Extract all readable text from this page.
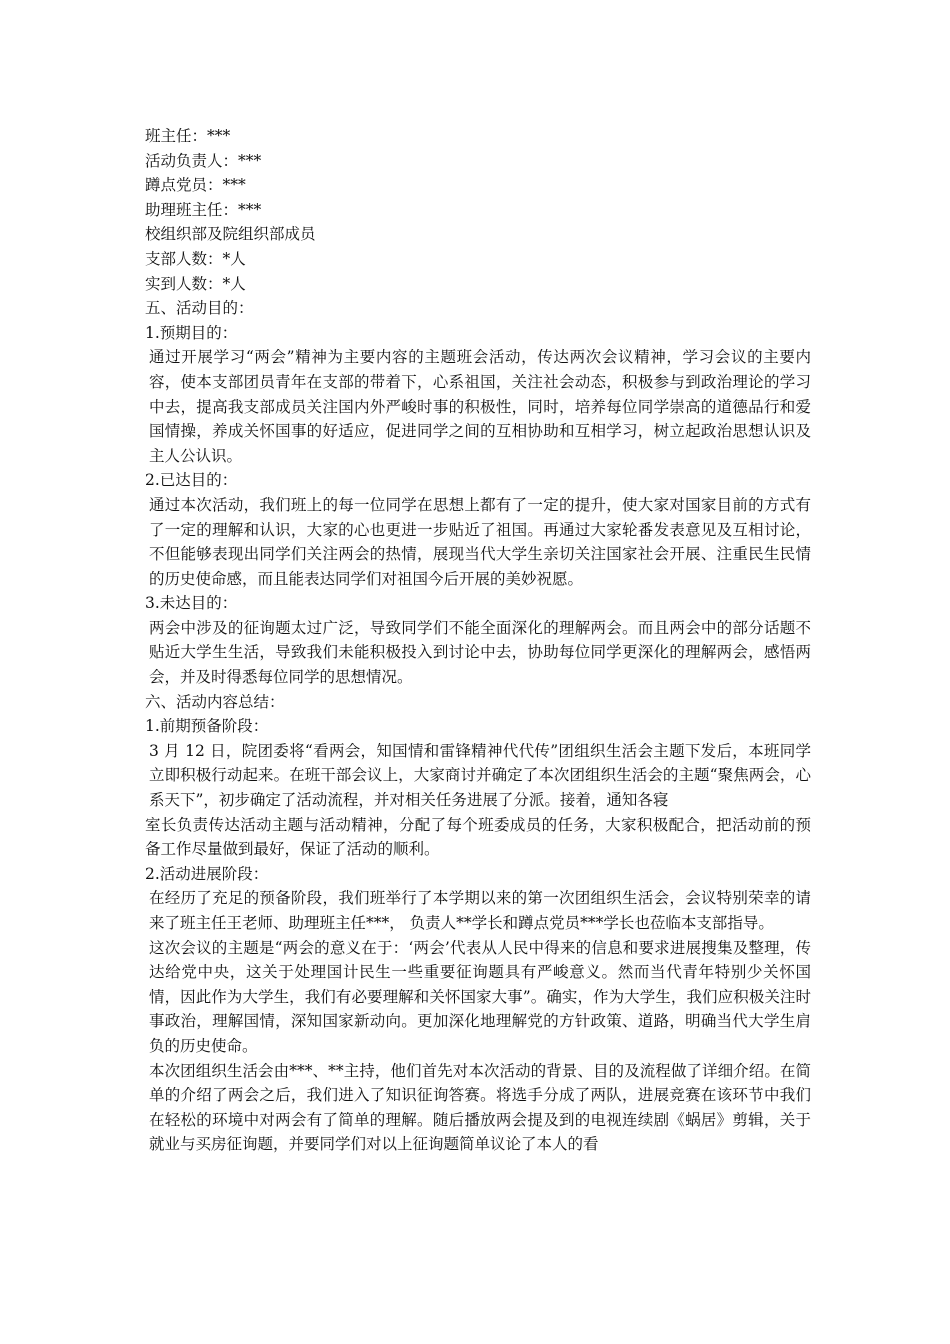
班主任：***
活动负责人：***
蹲点党员：***
助理班主任：***
校组织部及院组织部成员
支部人数：*人
实到人数：*人
五、活动目的：
1.预期目的：

通过开展学习“两会”精神为主要内容的主题班会活动，传达两次会议精神，学习会议的主要内容，使本支部团员青年在支部的带着下，心系祖国，关注社会动态，积极参与到政治理论的学习中去，提高我支部成员关注国内外严峻时事的积极性，同时，培养每位同学崇高的道德品行和爱国情操，养成关怀国事的好适应，促进同学之间的互相协助和互相学习，树立起政治思想认识及主人公认识。

2.已达目的：

通过本次活动，我们班上的每一位同学在思想上都有了一定的提升，使大家对国家目前的方式有了一定的理解和认识，大家的心也更进一步贴近了祖国。再通过大家轮番发表意见及互相讨论，不但能够表现出同学们关注两会的热情，展现当代大学生亲切关注国家社会开展、注重民生民情的历史使命感，而且能表达同学们对祖国今后开展的美妙祝愿。

3.未达目的：

两会中涉及的征询题太过广泛，导致同学们不能全面深化的理解两会。而且两会中的部分话题不贴近大学生生活，导致我们未能积极投入到讨论中去，协助每位同学更深化的理解两会，感悟两会，并及时得悉每位同学的思想情况。

六、活动内容总结：
1.前期预备阶段：

3 月 12 日，院团委将“看两会，知国情和雷锋精神代代传”团组织生活会主题下发后，本班同学立即积极行动起来。在班干部会议上，大家商讨并确定了本次团组织生活会的主题“聚焦两会，心系天下”，初步确定了活动流程，并对相关任务进展了分派。接着，通知各寝

室长负责传达活动主题与活动精神，分配了每个班委成员的任务，大家积极配合，把活动前的预备工作尽量做到最好，保证了活动的顺利。

2.活动进展阶段：

在经历了充足的预备阶段，我们班举行了本学期以来的第一次团组织生活会，会议特别荣幸的请来了班主任王老师、助理班主任***， 负责人**学长和蹲点党员***学长也莅临本支部指导。

这次会议的主题是“两会的意义在于：‘两会’代表从人民中得来的信息和要求进展搜集及整理，传达给党中央，这关于处理国计民生一些重要征询题具有严峻意义。然而当代青年特别少关怀国情，因此作为大学生，我们有必要理解和关怀国家大事”。确实，作为大学生，我们应积极关注时事政治，理解国情，深知国家新动向。更加深化地理解党的方针政策、道路，明确当代大学生肩负的历史使命。

本次团组织生活会由***、**主持，他们首先对本次活动的背景、目的及流程做了详细介绍。在简单的介绍了两会之后，我们进入了知识征询答赛。将选手分成了两队，进展竞赛在该环节中我们在轻松的环境中对两会有了简单的理解。随后播放两会提及到的电视连续剧《蜗居》剪辑，关于就业与买房征询题，并要同学们对以上征询题简单议论了本人的看
